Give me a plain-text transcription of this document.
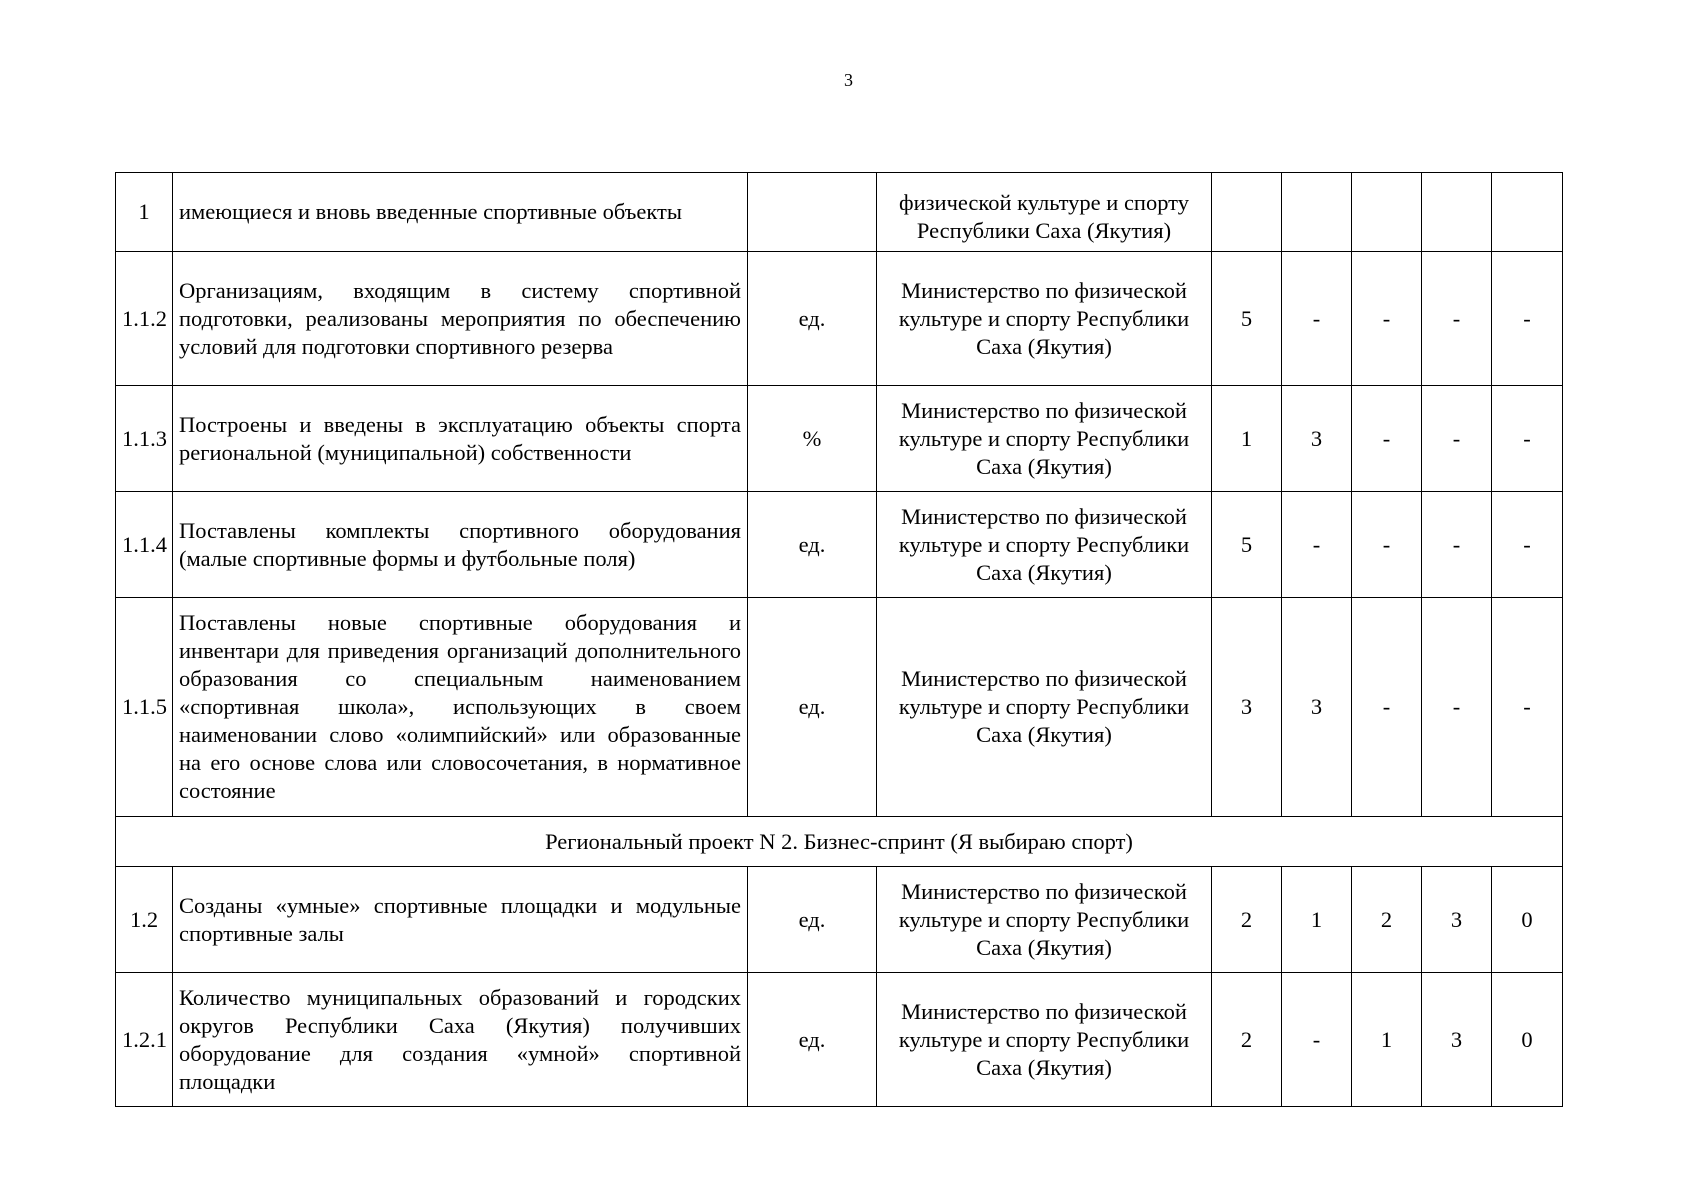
3
1	имеющиеся и вновь введенные спортивные объекты		физической культуре и спорту Республики Саха (Якутия)					
1.1.2	Организациям, входящим в систему спортивной подготовки, реализованы мероприятия по обеспечению условий для подготовки спортивного резерва	ед.	Министерство по физической культуре и спорту Республики Саха (Якутия)	5	-	-	-	-
1.1.3	Построены и введены в эксплуатацию объекты спорта региональной (муниципальной) собственности	%	Министерство по физической культуре и спорту Республики Саха (Якутия)	1	3	-	-	-
1.1.4	Поставлены комплекты спортивного оборудования (малые спортивные формы и футбольные поля)	ед.	Министерство по физической культуре и спорту Республики Саха (Якутия)	5	-	-	-	-
1.1.5	Поставлены новые спортивные оборудования и инвентари для приведения организаций дополнительного образования со специальным наименованием «спортивная школа», использующих в своем наименовании слово «олимпийский» или образованные на его основе слова или словосочетания, в нормативное состояние	ед.	Министерство по физической культуре и спорту Республики Саха (Якутия)	3	3	-	-	-
Региональный проект N 2. Бизнес-спринт (Я выбираю спорт)								
1.2	Созданы «умные» спортивные площадки и модульные спортивные залы	ед.	Министерство по физической культуре и спорту Республики Саха (Якутия)	2	1	2	3	0
1.2.1	Количество муниципальных образований и городских округов Республики Саха (Якутия) получивших оборудование для создания «умной» спортивной площадки	ед.	Министерство по физической культуре и спорту Республики Саха (Якутия)	2	-	1	3	0
